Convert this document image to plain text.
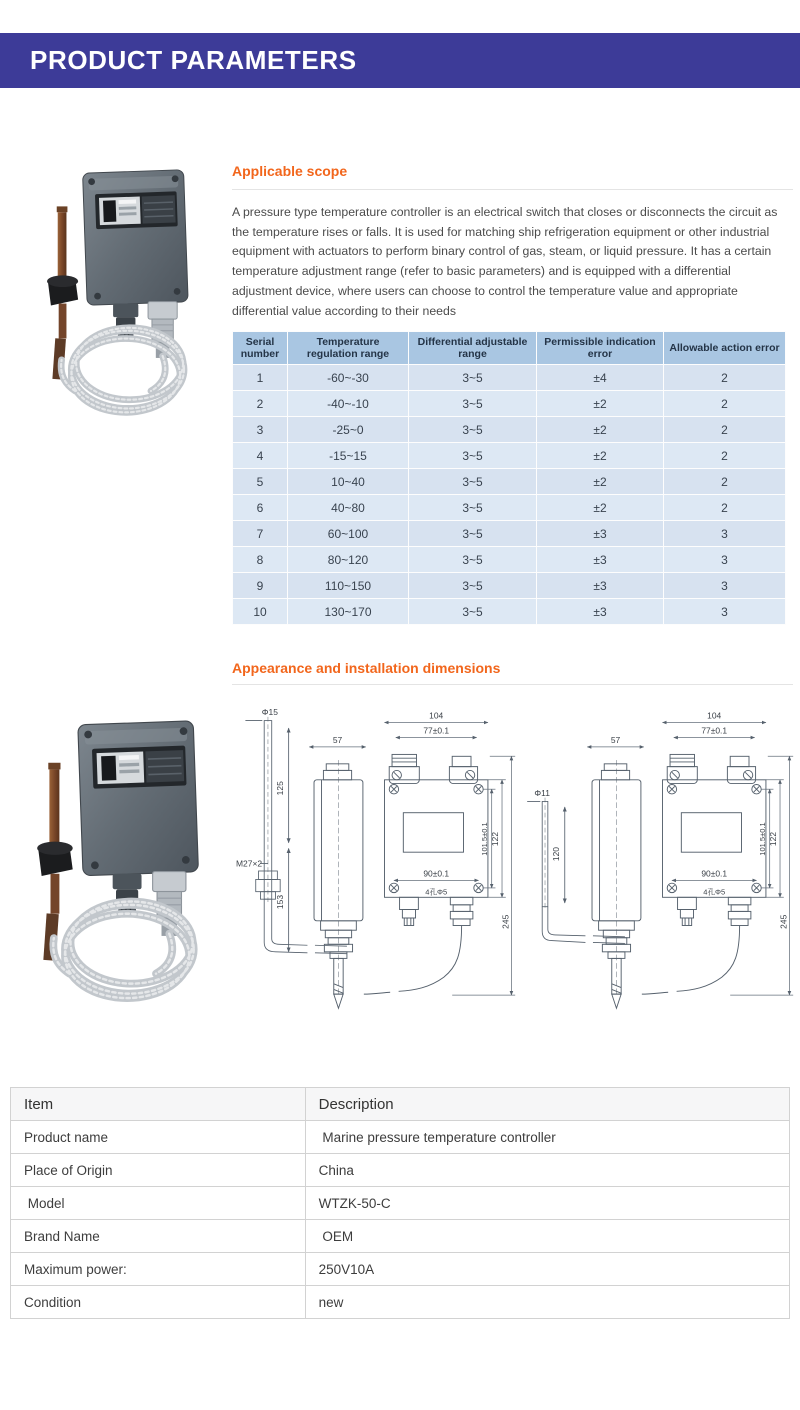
PRODUCT PARAMETERS
Applicable scope
A pressure type temperature controller is an electrical switch that closes or disconnects the circuit as the temperature rises or falls. It is used for matching ship refrigeration equipment or other industrial equipment with actuators to perform binary control of gas, steam, or liquid pressure. It has a certain temperature adjustment range (refer to basic parameters) and is equipped with a differential adjustment device, where users can choose to control the temperature value and appropriate differential value according to their needs
Serial number	Temperature regulation range	Differential adjustable range	Permissible indication error	Allowable action error
1	-60~-30	3~5	±4	2
2	-40~-10	3~5	±2	2
3	-25~0	3~5	±2	2
4	-15~15	3~5	±2	2
5	10~40	3~5	±2	2
6	40~80	3~5	±2	2
7	60~100	3~5	±3	3
8	80~120	3~5	±3	3
9	110~150	3~5	±3	3
10	130~170	3~5	±3	3
Appearance and installation dimensions
Φ15
125
M27×2
153
57
104
77±0.1
90±0.1
4孔Φ5
101.5±0.1 122
245
Φ11
120
57
104
77±0.1
90±0.1
4孔Φ5
101.5±0.1 122
245
Item	Description
Product name	Marine pressure temperature controller
Place of Origin	China
Model	WTZK-50-C
Brand Name	OEM
Maximum power:	250V10A
Condition	new
